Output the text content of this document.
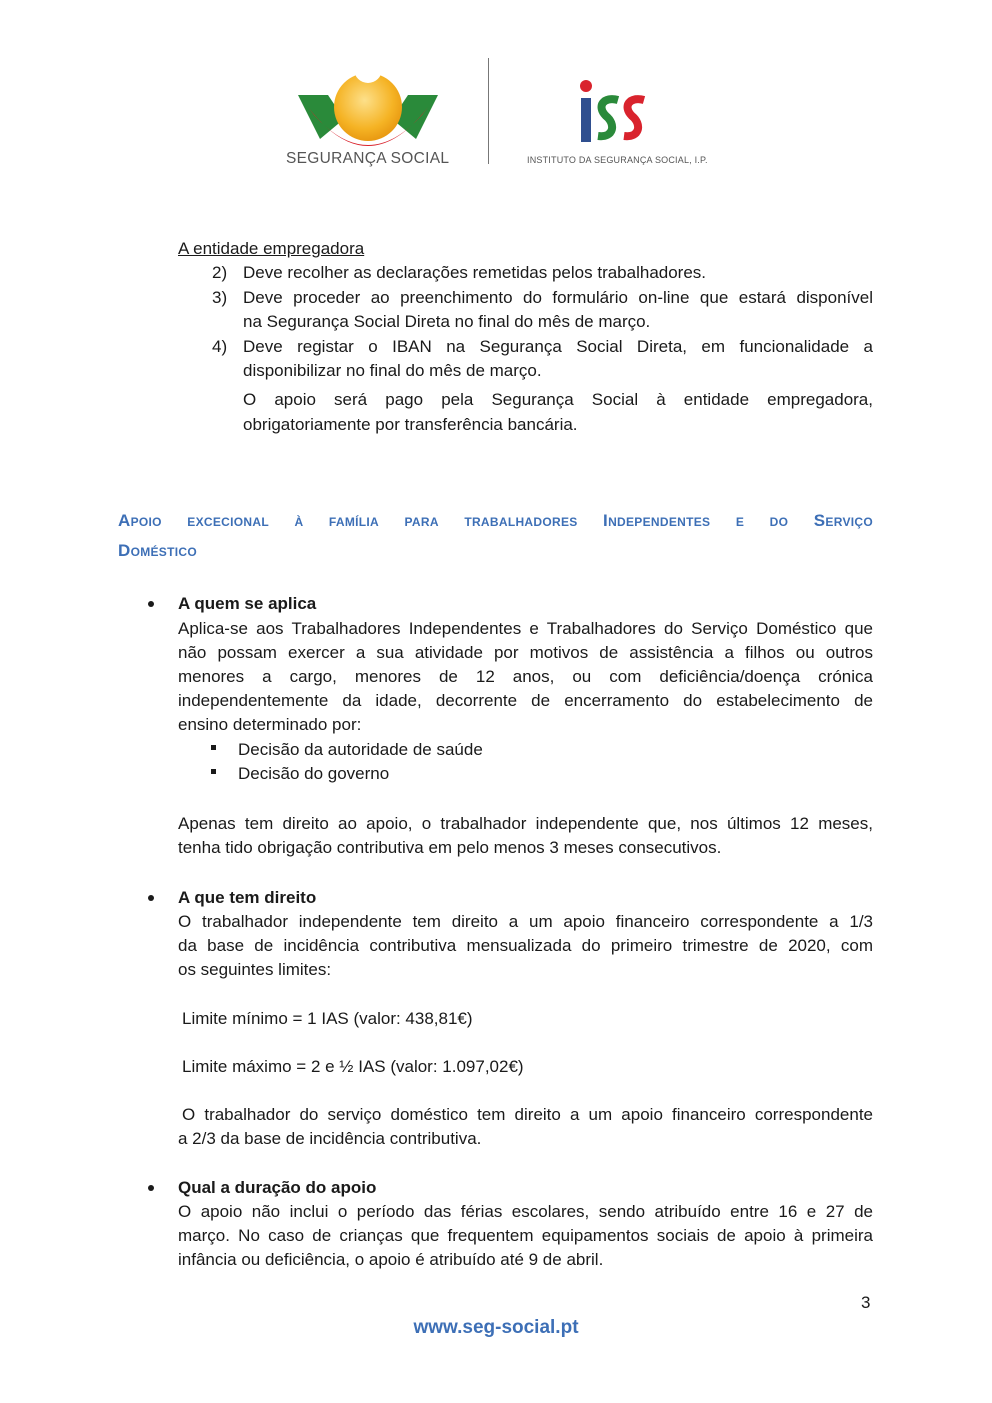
SEGURANÇA SOCIAL	INSTITUTO DA SEGURANÇA SOCIAL, I.P.
A entidade empregadora
2) Deve recolher as declarações remetidas pelos trabalhadores.
3) Deve proceder ao preenchimento do formulário on-line que estará disponível
na Segurança Social Direta no final do mês de março.
4) Deve registar o IBAN na Segurança Social Direta, em funcionalidade a
disponibilizar no final do mês de março.
O apoio será pago pela Segurança Social à entidade empregadora,
obrigatoriamente por transferência bancária.
Apoio excecional à família para trabalhadores Independentes e do Serviço
Doméstico
A quem se aplica
Aplica-se aos Trabalhadores Independentes e Trabalhadores do Serviço Doméstico que
não possam exercer a sua atividade por motivos de assistência a filhos ou outros
menores a cargo, menores de 12 anos, ou com deficiência/doença crónica
independentemente da idade, decorrente de encerramento do estabelecimento de
ensino determinado por:
Decisão da autoridade de saúde
Decisão do governo
Apenas tem direito ao apoio, o trabalhador independente que, nos últimos 12 meses,
tenha tido obrigação contributiva em pelo menos 3 meses consecutivos.
A que tem direito
O trabalhador independente tem direito a um apoio financeiro correspondente a 1/3
da base de incidência contributiva mensualizada do primeiro trimestre de 2020, com
os seguintes limites:
Limite mínimo = 1 IAS (valor: 438,81€)
Limite máximo = 2 e ½ IAS (valor: 1.097,02€)
O trabalhador do serviço doméstico tem direito a um apoio financeiro correspondente
a 2/3 da base de incidência contributiva.
Qual a duração do apoio
O apoio não inclui o período das férias escolares, sendo atribuído entre 16 e 27 de
março. No caso de crianças que frequentem equipamentos sociais de apoio à primeira
infância ou deficiência, o apoio é atribuído até 9 de abril.
3
www.seg-social.pt
